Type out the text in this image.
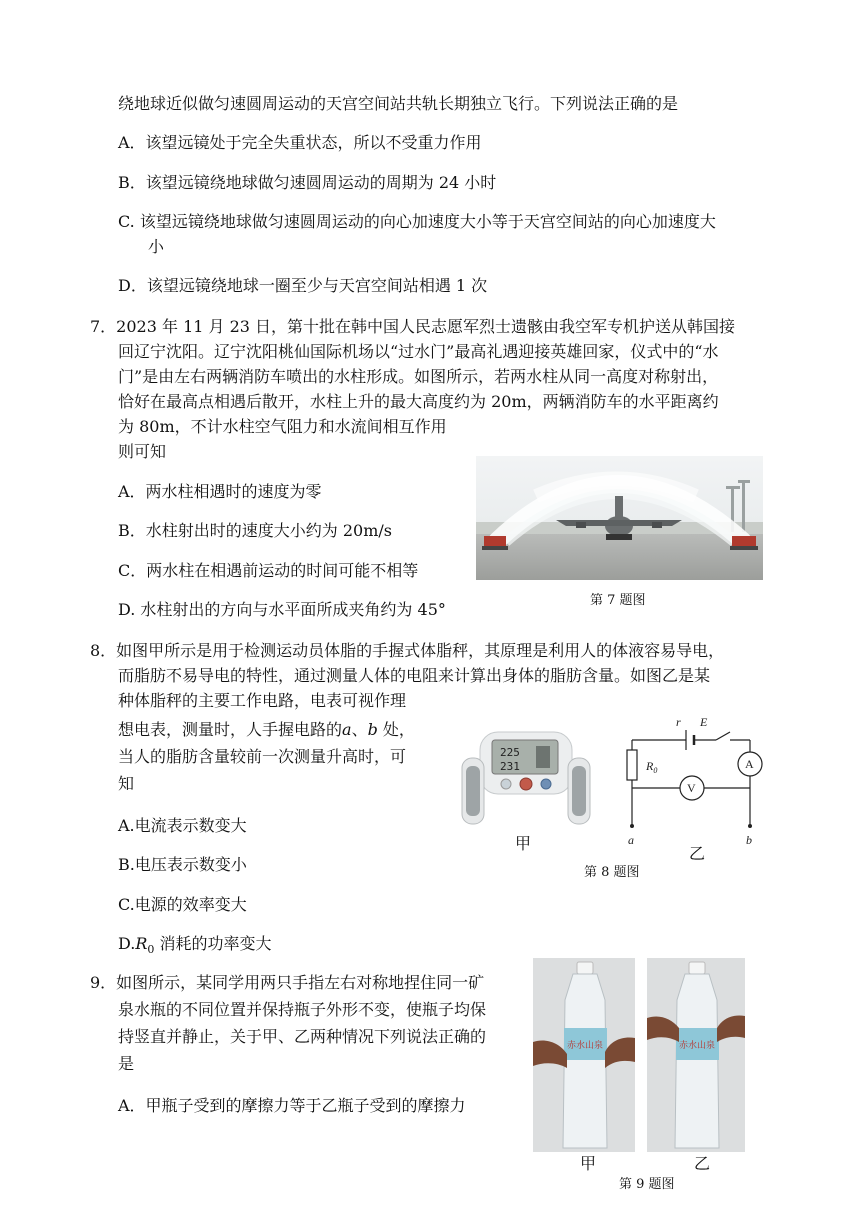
绕地球近似做匀速圆周运动的天宫空间站共轨长期独立飞行。下列说法正确的是
A．该望远镜处于完全失重状态，所以不受重力作用
B．该望远镜绕地球做匀速圆周运动的周期为 24 小时
C. 该望远镜绕地球做匀速圆周运动的向心加速度大小等于天宫空间站的向心加速度大
小
D．该望远镜绕地球一圈至少与天宫空间站相遇 1 次
7．2023 年 11 月 23 日，第十批在韩中国人民志愿军烈士遗骸由我空军专机护送从韩国接
回辽宁沈阳。辽宁沈阳桃仙国际机场以“过水门”最高礼遇迎接英雄回家，仪式中的“水
门”是由左右两辆消防车喷出的水柱形成。如图所示，若两水柱从同一高度对称射出，
恰好在最高点相遇后散开，水柱上升的最大高度约为 20m，两辆消防车的水平距离约
为 80m，不计水柱空气阻力和水流间相互作用
则可知
A．两水柱相遇时的速度为零
B．水柱射出时的速度大小约为 20m/s
C．两水柱在相遇前运动的时间可能不相等
D. 水柱射出的方向与水平面所成夹角约为 45°	第 7 题图
8．如图甲所示是用于检测运动员体脂的手握式体脂秤，其原理是利用人的体液容易导电，
而脂肪不易导电的特性，通过测量人体的电阻来计算出身体的脂肪含量。如图乙是某
种体脂秤的主要工作电路，电表可视作理
想电表，测量时，人手握电路的a、b 处，
当人的脂肪含量较前一次测量升高时，可
知
A.电流表示数变大
B.电压表示数变小
C.电源的效率变大
$D.R_0$ 消耗的功率变大
225
231
甲
r E
$R_0$	A
V
a	b
乙
第 8 题图
9．如图所示，某同学用两只手指左右对称地捏住同一矿
泉水瓶的不同位置并保持瓶子外形不变，使瓶子均保
持竖直并静止，关于甲、乙两种情况下列说法正确的
是
A．甲瓶子受到的摩擦力等于乙瓶子受到的摩擦力
赤水山泉	赤水山泉
甲	乙
第 9 题图
